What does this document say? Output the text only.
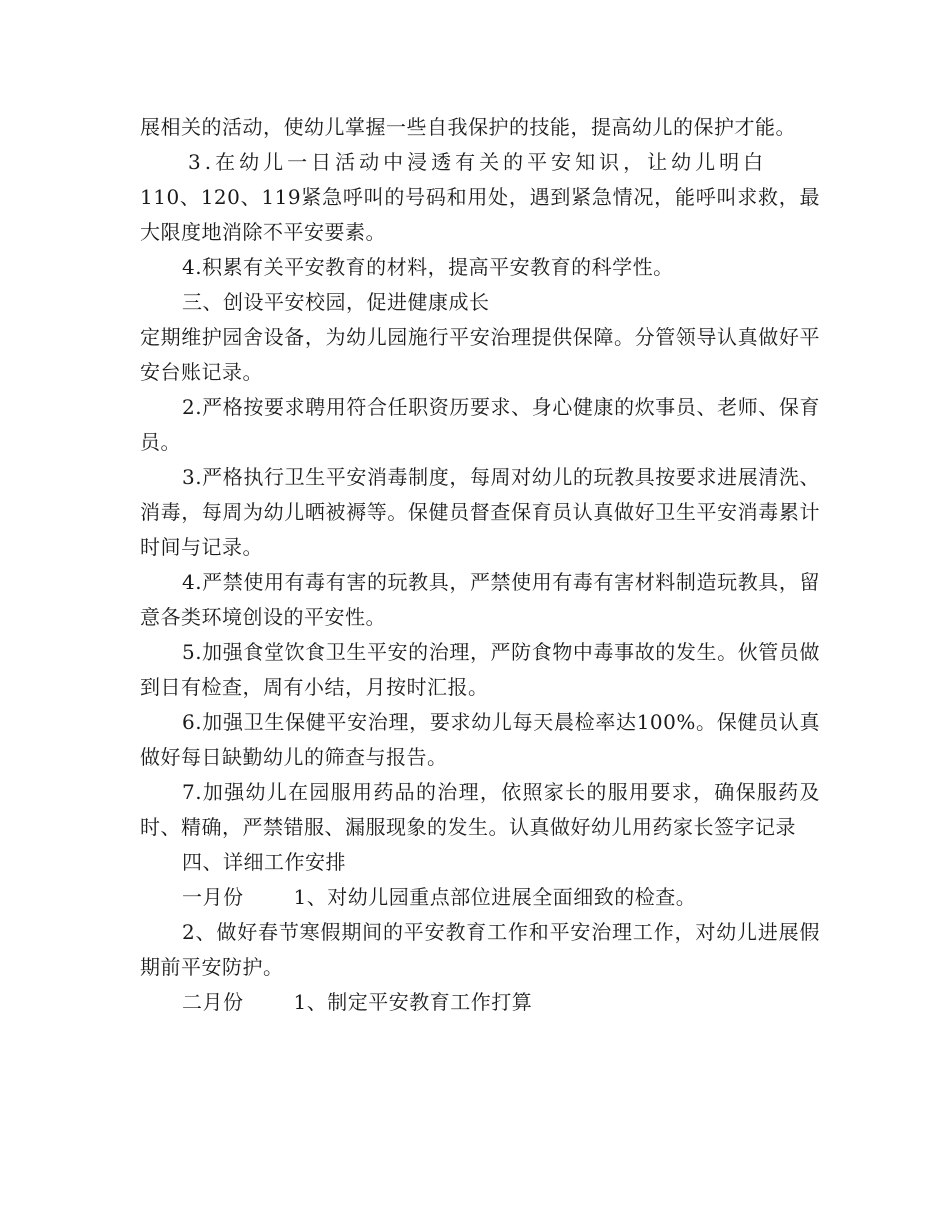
展相关的活动，使幼儿掌握一些自我保护的技能，提高幼儿的保护才能。

3.在幼儿一日活动中浸透有关的平安知识，让幼儿明白

110、120、119紧急呼叫的号码和用处，遇到紧急情况，能呼叫求救，最大限度地消除不平安要素。

4.积累有关平安教育的材料，提高平安教育的科学性。

三、创设平安校园，促进健康成长

定期维护园舍设备，为幼儿园施行平安治理提供保障。分管领导认真做好平安台账记录。

2.严格按要求聘用符合任职资历要求、身心健康的炊事员、老师、保育员。

3.严格执行卫生平安消毒制度，每周对幼儿的玩教具按要求进展清洗、消毒，每周为幼儿晒被褥等。保健员督查保育员认真做好卫生平安消毒累计时间与记录。

4.严禁使用有毒有害的玩教具，严禁使用有毒有害材料制造玩教具，留意各类环境创设的平安性。

5.加强食堂饮食卫生平安的治理，严防食物中毒事故的发生。伙管员做到日有检查，周有小结，月按时汇报。

6.加强卫生保健平安治理，要求幼儿每天晨检率达100%。保健员认真做好每日缺勤幼儿的筛查与报告。

7.加强幼儿在园服用药品的治理，依照家长的服用要求，确保服药及时、精确，严禁错服、漏服现象的发生。认真做好幼儿用药家长签字记录

四、详细工作安排

一月份	1、对幼儿园重点部位进展全面细致的检查。

2、做好春节寒假期间的平安教育工作和平安治理工作，对幼儿进展假期前平安防护。

二月份	1、制定平安教育工作打算
